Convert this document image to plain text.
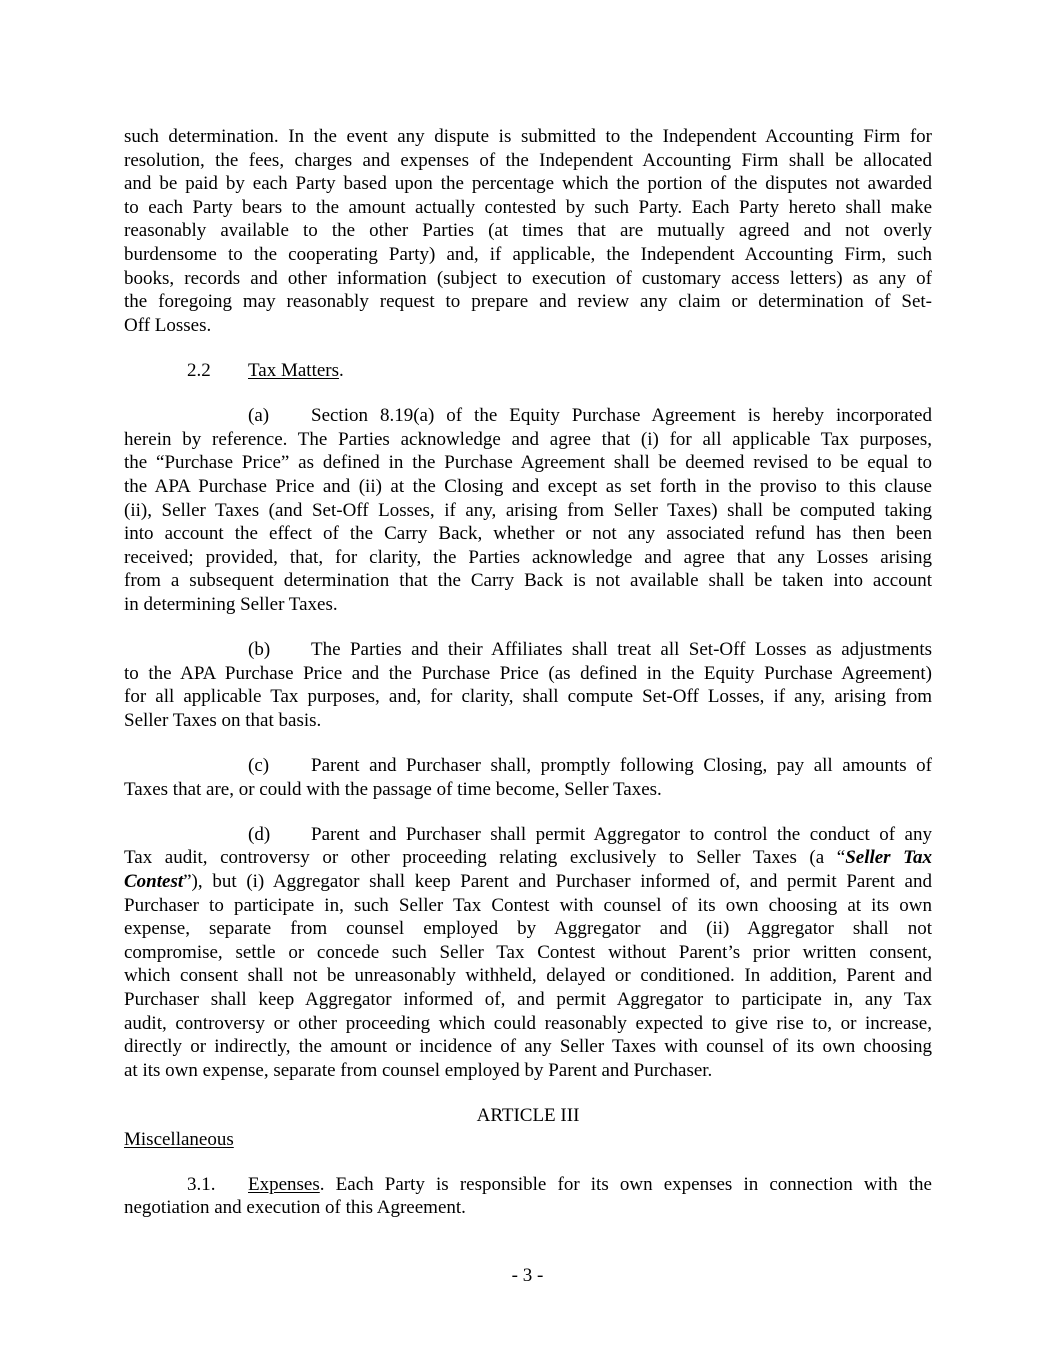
such determination. In the event any dispute is submitted to the Independent Accounting Firm for
resolution, the fees, charges and expenses of the Independent Accounting Firm shall be allocated
and be paid by each Party based upon the percentage which the portion of the disputes not awarded
to each Party bears to the amount actually contested by such Party. Each Party hereto shall make
reasonably available to the other Parties (at times that are mutually agreed and not overly
burdensome to the cooperating Party) and, if applicable, the Independent Accounting Firm, such
books, records and other information (subject to execution of customary access letters) as any of
the foregoing may reasonably request to prepare and review any claim or determination of Set-
Off Losses.
2.2 Tax Matters.
(a) Section 8.19(a) of the Equity Purchase Agreement is hereby incorporated
herein by reference. The Parties acknowledge and agree that (i) for all applicable Tax purposes,
the “Purchase Price” as defined in the Purchase Agreement shall be deemed revised to be equal to
the APA Purchase Price and (ii) at the Closing and except as set forth in the proviso to this clause
(ii), Seller Taxes (and Set-Off Losses, if any, arising from Seller Taxes) shall be computed taking
into account the effect of the Carry Back, whether or not any associated refund has then been
received; provided, that, for clarity, the Parties acknowledge and agree that any Losses arising
from a subsequent determination that the Carry Back is not available shall be taken into account
in determining Seller Taxes.
(b) The Parties and their Affiliates shall treat all Set-Off Losses as adjustments
to the APA Purchase Price and the Purchase Price (as defined in the Equity Purchase Agreement)
for all applicable Tax purposes, and, for clarity, shall compute Set-Off Losses, if any, arising from
Seller Taxes on that basis.
(c) Parent and Purchaser shall, promptly following Closing, pay all amounts of
Taxes that are, or could with the passage of time become, Seller Taxes.
(d) Parent and Purchaser shall permit Aggregator to control the conduct of any
Tax audit, controversy or other proceeding relating exclusively to Seller Taxes (a “Seller Tax
Contest”), but (i) Aggregator shall keep Parent and Purchaser informed of, and permit Parent and
Purchaser to participate in, such Seller Tax Contest with counsel of its own choosing at its own
expense, separate from counsel employed by Aggregator and (ii) Aggregator shall not
compromise, settle or concede such Seller Tax Contest without Parent’s prior written consent,
which consent shall not be unreasonably withheld, delayed or conditioned. In addition, Parent and
Purchaser shall keep Aggregator informed of, and permit Aggregator to participate in, any Tax
audit, controversy or other proceeding which could reasonably expected to give rise to, or increase,
directly or indirectly, the amount or incidence of any Seller Taxes with counsel of its own choosing
at its own expense, separate from counsel employed by Parent and Purchaser.
ARTICLE III
Miscellaneous
3.1. Expenses. Each Party is responsible for its own expenses in connection with the
negotiation and execution of this Agreement.
- 3 -
